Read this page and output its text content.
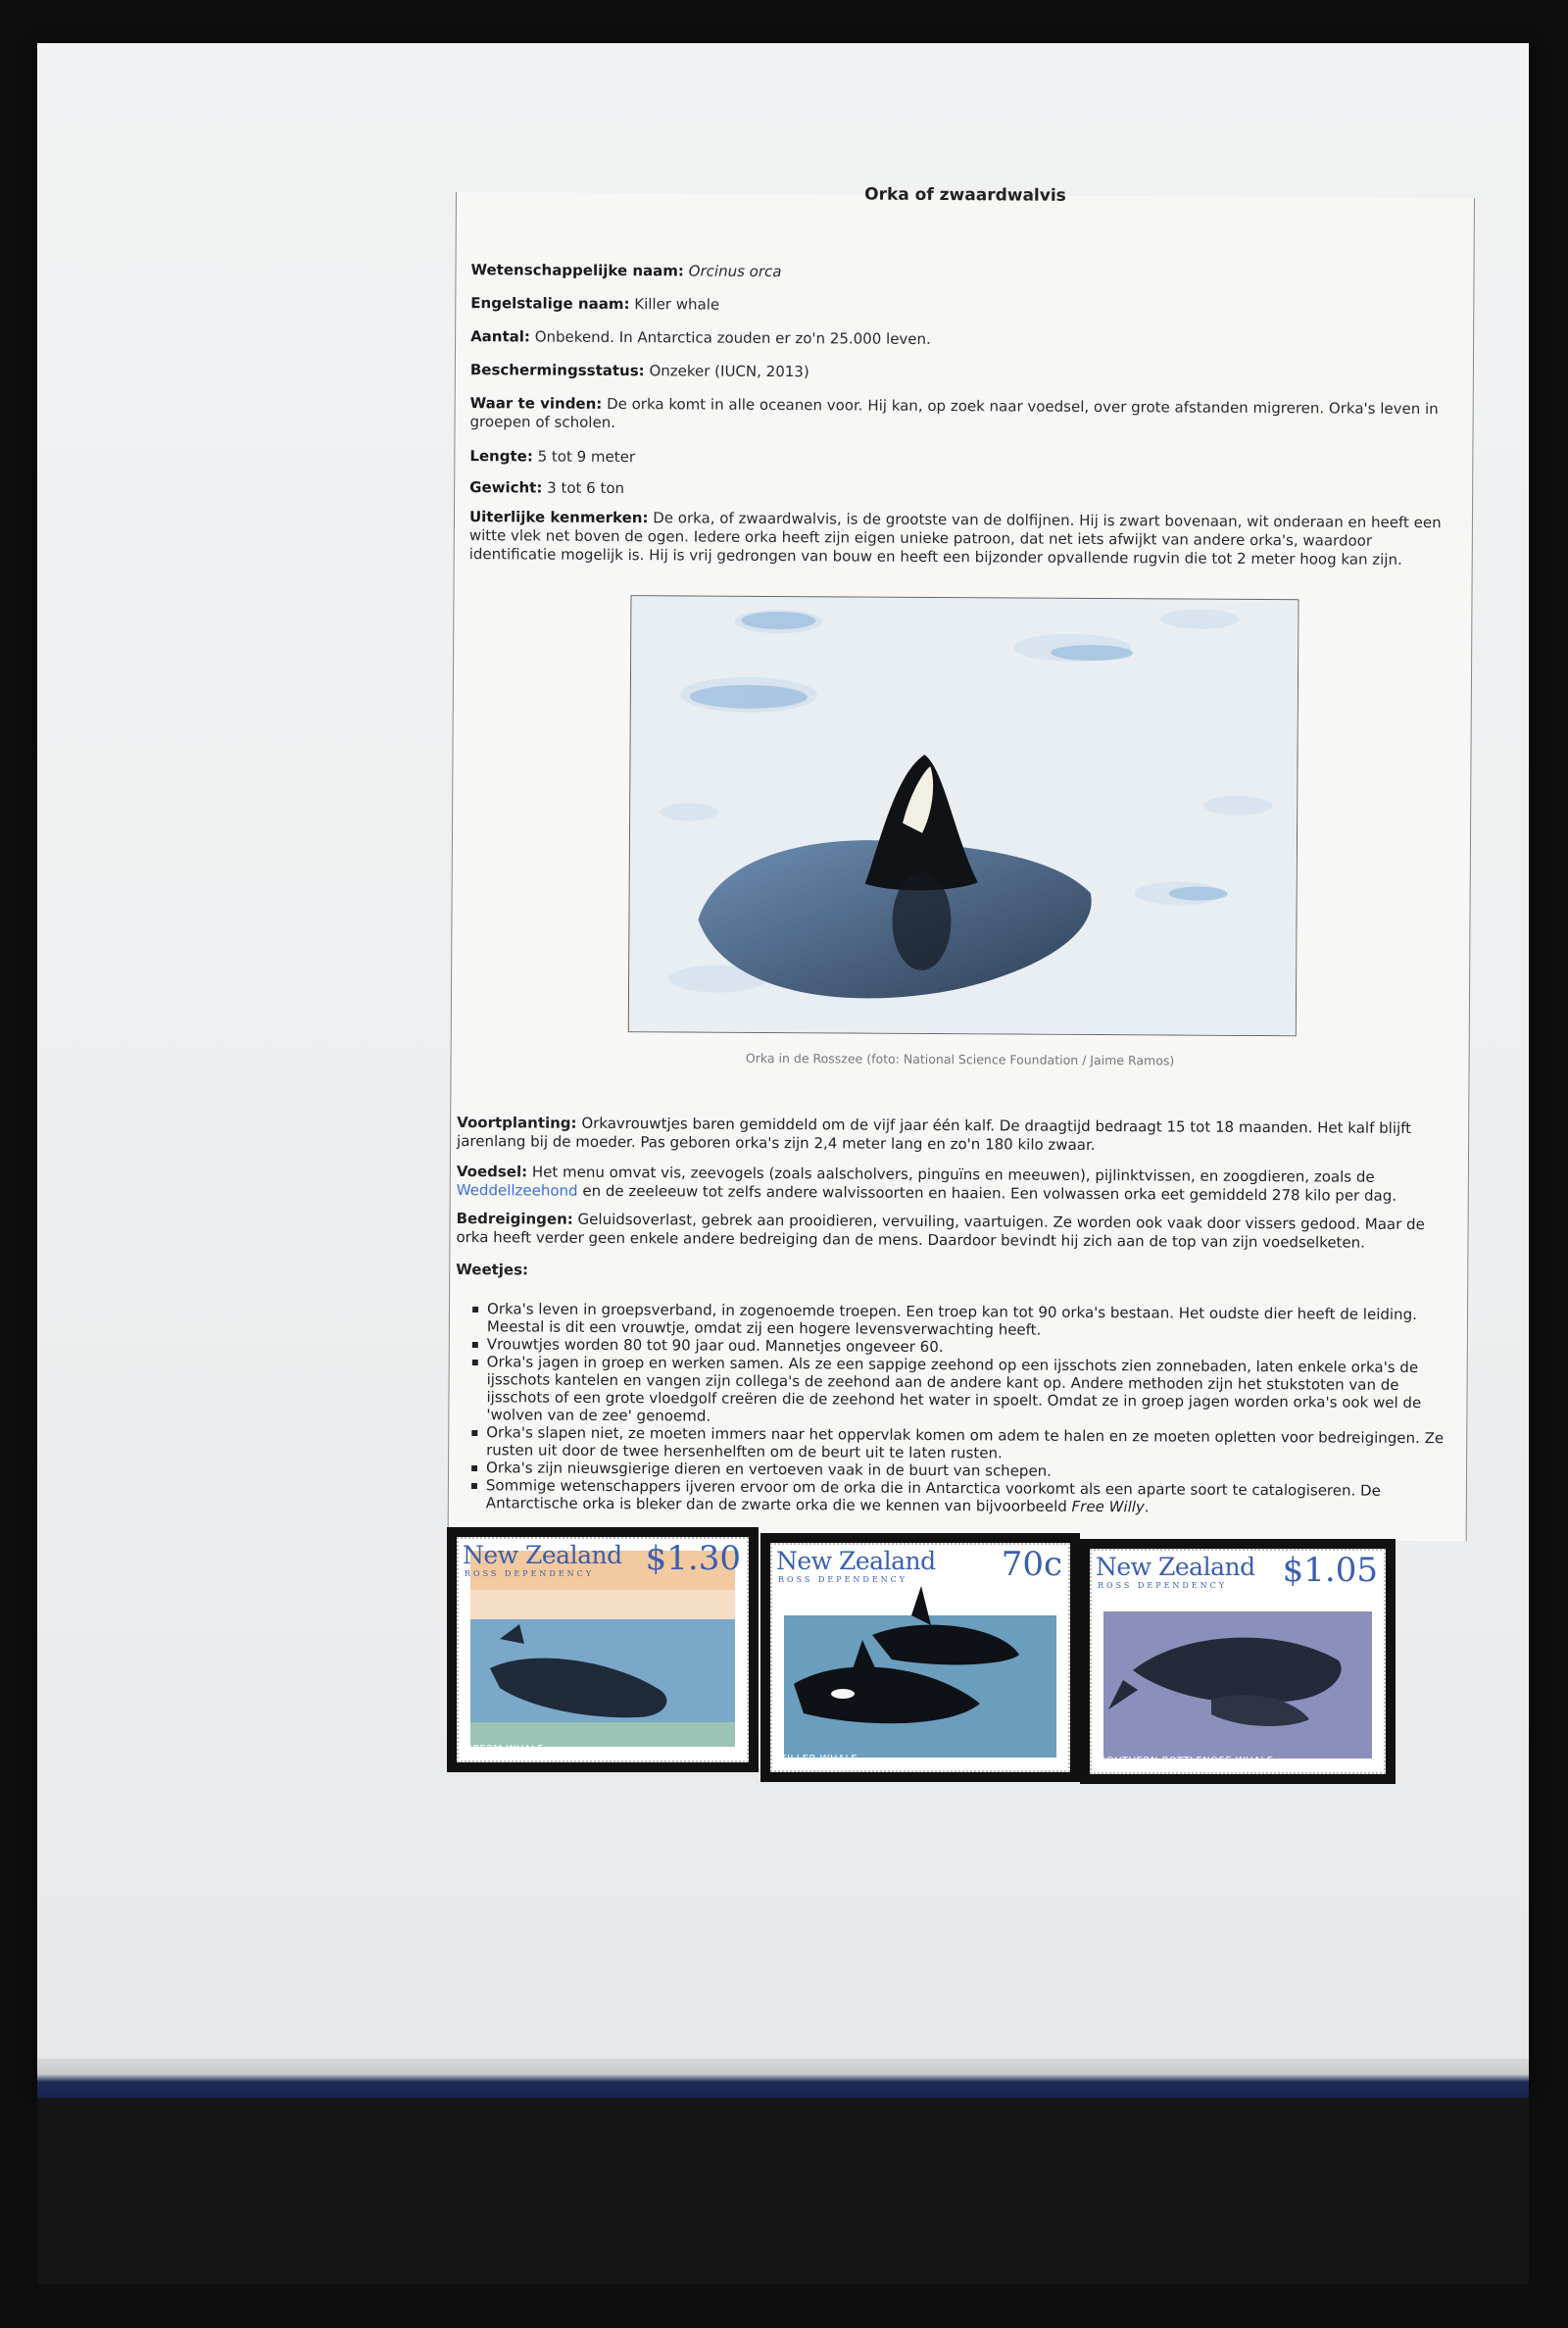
Orka of zwaardwalvis
Wetenschappelijke naam: Orcinus orca
Engelstalige naam: Killer whale
Aantal: Onbekend. In Antarctica zouden er zo'n 25.000 leven.
Beschermingsstatus: Onzeker (IUCN, 2013)
Waar te vinden: De orka komt in alle oceanen voor. Hij kan, op zoek naar voedsel, over grote afstanden migreren. Orka's leven in groepen of scholen.
Lengte: 5 tot 9 meter
Gewicht: 3 tot 6 ton
Uiterlijke kenmerken: De orka, of zwaardwalvis, is de grootste van de dolfijnen. Hij is zwart bovenaan, wit onderaan en heeft een witte vlek net boven de ogen. Iedere orka heeft zijn eigen unieke patroon, dat net iets afwijkt van andere orka's, waardoor identificatie mogelijk is. Hij is vrij gedrongen van bouw en heeft een bijzonder opvallende rugvin die tot 2 meter hoog kan zijn.
Orka in de Rosszee (foto: National Science Foundation / Jaime Ramos)
Voortplanting: Orkavrouwtjes baren gemiddeld om de vijf jaar één kalf. De draagtijd bedraagt 15 tot 18 maanden. Het kalf blijft jarenlang bij de moeder. Pas geboren orka's zijn 2,4 meter lang en zo'n 180 kilo zwaar.
Voedsel: Het menu omvat vis, zeevogels (zoals aalscholvers, pinguïns en meeuwen), pijlinktvissen, en zoogdieren, zoals de Weddellzeehond en de zeeleeuw tot zelfs andere walvissoorten en haaien. Een volwassen orka eet gemiddeld 278 kilo per dag.
Bedreigingen: Geluidsoverlast, gebrek aan prooidieren, vervuiling, vaartuigen. Ze worden ook vaak door vissers gedood. Maar de orka heeft verder geen enkele andere bedreiging dan de mens. Daardoor bevindt hij zich aan de top van zijn voedselketen.
Weetjes:
▪ Orka's leven in groepsverband, in zogenoemde troepen. Een troep kan tot 90 orka's bestaan. Het oudste dier heeft de leiding. Meestal is dit een vrouwtje, omdat zij een hogere levensverwachting heeft.
▪ Vrouwtjes worden 80 tot 90 jaar oud. Mannetjes ongeveer 60.
▪ Orka's jagen in groep en werken samen. Als ze een sappige zeehond op een ijsschots zien zonnebaden, laten enkele orka's de ijsschots kantelen en vangen zijn collega's de zeehond aan de andere kant op. Andere methoden zijn het stukstoten van de ijsschots of een grote vloedgolf creëren die de zeehond het water in spoelt. Omdat ze in groep jagen worden orka's ook wel de 'wolven van de zee' genoemd.
▪ Orka's slapen niet, ze moeten immers naar het oppervlak komen om adem te halen en ze moeten opletten voor bedreigingen. Ze rusten uit door de twee hersenhelften om de beurt uit te laten rusten.
▪ Orka's zijn nieuwsgierige dieren en vertoeven vaak in de buurt van schepen.
▪ Sommige wetenschappers ijveren ervoor om de orka die in Antarctica voorkomt als een aparte soort te catalogiseren. De Antarctische orka is bleker dan de zwarte orka die we kennen van bijvoorbeeld Free Willy.
New Zealand
ROSS DEPENDENCY $1.30
SPERM WHALE
New Zealand
ROSS DEPENDENCY	70c
KILLER WHALE
New Zealand
ROSS DEPENDENCY $1.05
SOUTHERN BOTTLENOSE WHALE
